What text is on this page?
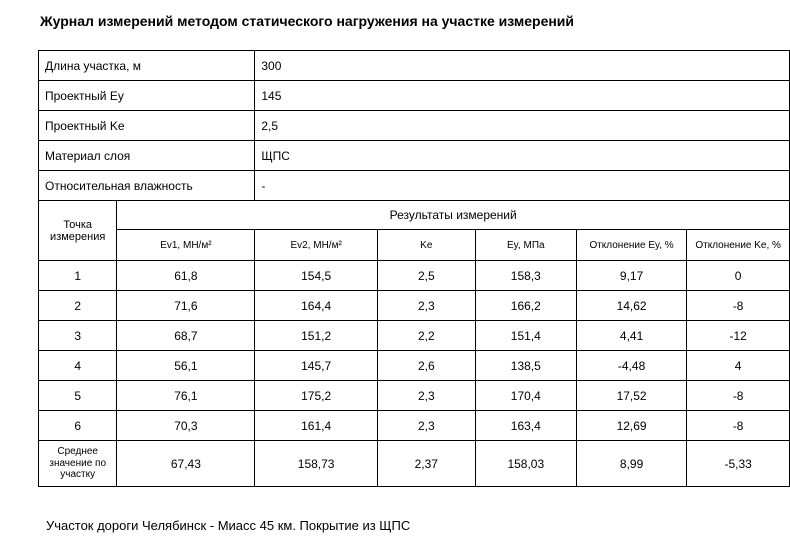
Журнал измерений методом статического нагружения на участке измерений
Длина участка, м		300				
Проектный Ey		145				
Проектный Ke		2,5				
Материал слоя		ЩПС				
Относительная влажность		-				
Точка измерения	Результаты измерений					
	Ev1, МН/м²	Ev2, МН/м²	Ke	Ey, МПа	Отклонение Ey, %	Отклонение Ke, %
1	61,8	154,5	2,5	158,3	9,17	0
2	71,6	164,4	2,3	166,2	14,62	-8
3	68,7	151,2	2,2	151,4	4,41	-12
4	56,1	145,7	2,6	138,5	-4,48	4
5	76,1	175,2	2,3	170,4	17,52	-8
6	70,3	161,4	2,3	163,4	12,69	-8
Среднее значение по участку	67,43	158,73	2,37	158,03	8,99	-5,33
Участок дороги Челябинск - Миасс 45 км. Покрытие из ЩПС
